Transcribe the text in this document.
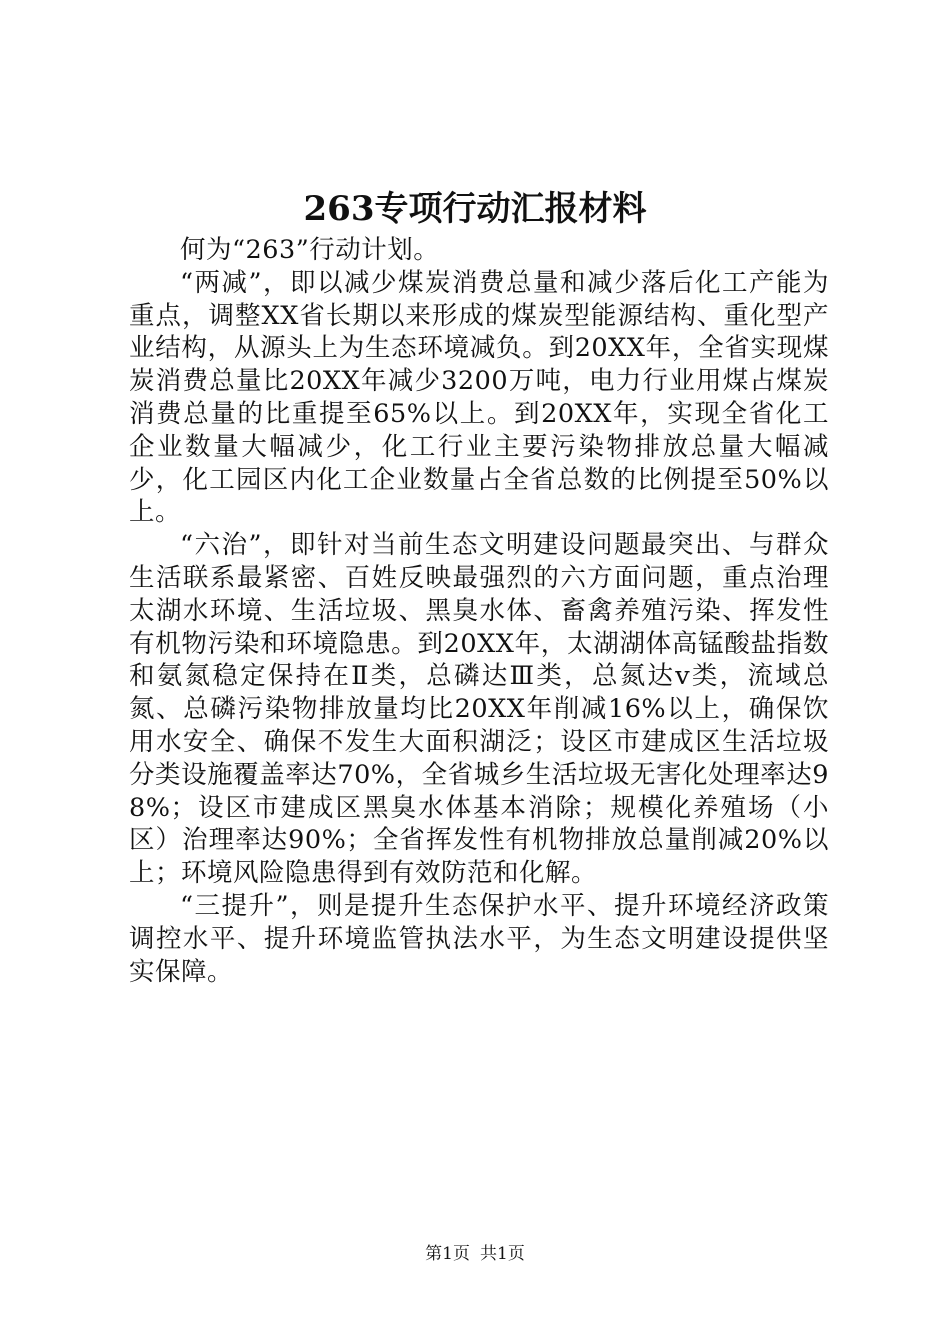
263专项行动汇报材料

何为“263”行动计划。

“两减”，即以减少煤炭消费总量和减少落后化工产能为重点，调整XX省长期以来形成的煤炭型能源结构、重化型产业结构，从源头上为生态环境减负。到20XX年，全省实现煤炭消费总量比20XX年减少3200万吨，电力行业用煤占煤炭消费总量的比重提至65%以上。到20XX年，实现全省化工企业数量大幅减少，化工行业主要污染物排放总量大幅减少，化工园区内化工企业数量占全省总数的比例提至50%以上。

“六治”，即针对当前生态文明建设问题最突出、与群众生活联系最紧密、百姓反映最强烈的六方面问题，重点治理太湖水环境、生活垃圾、黑臭水体、畜禽养殖污染、挥发性有机物污染和环境隐患。到20XX年，太湖湖体高锰酸盐指数和氨氮稳定保持在Ⅱ类，总磷达Ⅲ类，总氮达ⅴ类，流域总氮、总磷污染物排放量均比20XX年削减16%以上，确保饮用水安全、确保不发生大面积湖泛；设区市建成区生活垃圾分类设施覆盖率达70%，全省城乡生活垃圾无害化处理率达98%；设区市建成区黑臭水体基本消除；规模化养殖场（小区）治理率达90%；全省挥发性有机物排放总量削减20%以上；环境风险隐患得到有效防范和化解。

“三提升”，则是提升生态保护水平、提升环境经济政策调控水平、提升环境监管执法水平，为生态文明建设提供坚实保障。

第1页 共1页
